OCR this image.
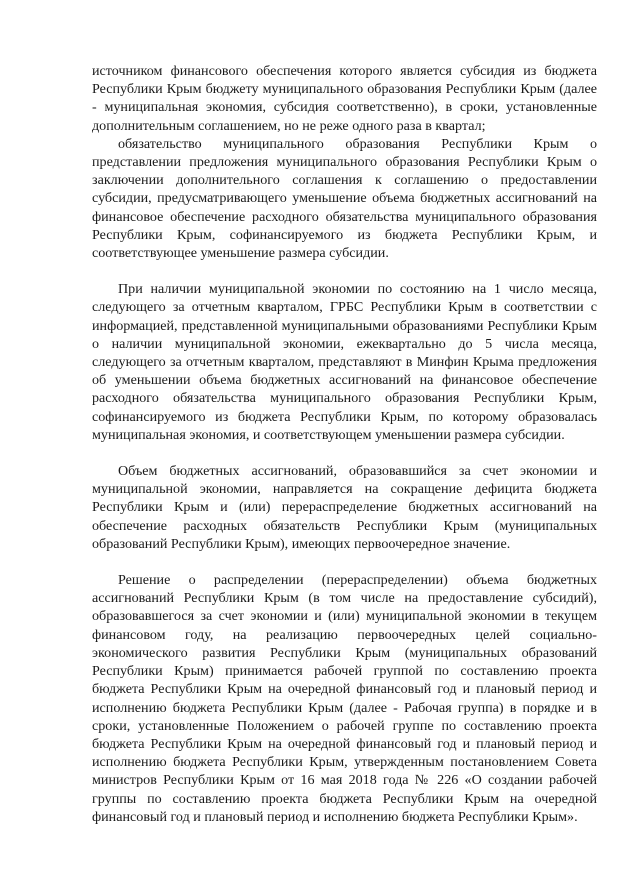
источником финансового обеспечения которого является субсидия из бюджета Республики Крым бюджету муниципального образования Республики Крым (далее - муниципальная экономия, субсидия соответственно), в сроки, установленные дополнительным соглашением, но не реже одного раза в квартал;

обязательство муниципального образования Республики Крым о представлении предложения муниципального образования Республики Крым о заключении дополнительного соглашения к соглашению о предоставлении субсидии, предусматривающего уменьшение объема бюджетных ассигнований на финансовое обеспечение расходного обязательства муниципального образования Республики Крым, софинансируемого из бюджета Республики Крым, и соответствующее уменьшение размера субсидии.

При наличии муниципальной экономии по состоянию на 1 число месяца, следующего за отчетным кварталом, ГРБС Республики Крым в соответствии с информацией, представленной муниципальными образованиями Республики Крым о наличии муниципальной экономии, ежеквартально до 5 числа месяца, следующего за отчетным кварталом, представляют в Минфин Крыма предложения об уменьшении объема бюджетных ассигнований на финансовое обеспечение расходного обязательства муниципального образования Республики Крым, софинансируемого из бюджета Республики Крым, по которому образовалась муниципальная экономия, и соответствующем уменьшении размера субсидии.

Объем бюджетных ассигнований, образовавшийся за счет экономии и муниципальной экономии, направляется на сокращение дефицита бюджета Республики Крым и (или) перераспределение бюджетных ассигнований на обеспечение расходных обязательств Республики Крым (муниципальных образований Республики Крым), имеющих первоочередное значение.

Решение о распределении (перераспределении) объема бюджетных ассигнований Республики Крым (в том числе на предоставление субсидий), образовавшегося за счет экономии и (или) муниципальной экономии в текущем финансовом году, на реализацию первоочередных целей социально-экономического развития Республики Крым (муниципальных образований Республики Крым) принимается рабочей группой по составлению проекта бюджета Республики Крым на очередной финансовый год и плановый период и исполнению бюджета Республики Крым (далее - Рабочая группа) в порядке и в сроки, установленные Положением о рабочей группе по составлению проекта бюджета Республики Крым на очередной финансовый год и плановый период и исполнению бюджета Республики Крым, утвержденным постановлением Совета министров Республики Крым от 16 мая 2018 года № 226 «О создании рабочей группы по составлению проекта бюджета Республики Крым на очередной финансовый год и плановый период и исполнению бюджета Республики Крым».
